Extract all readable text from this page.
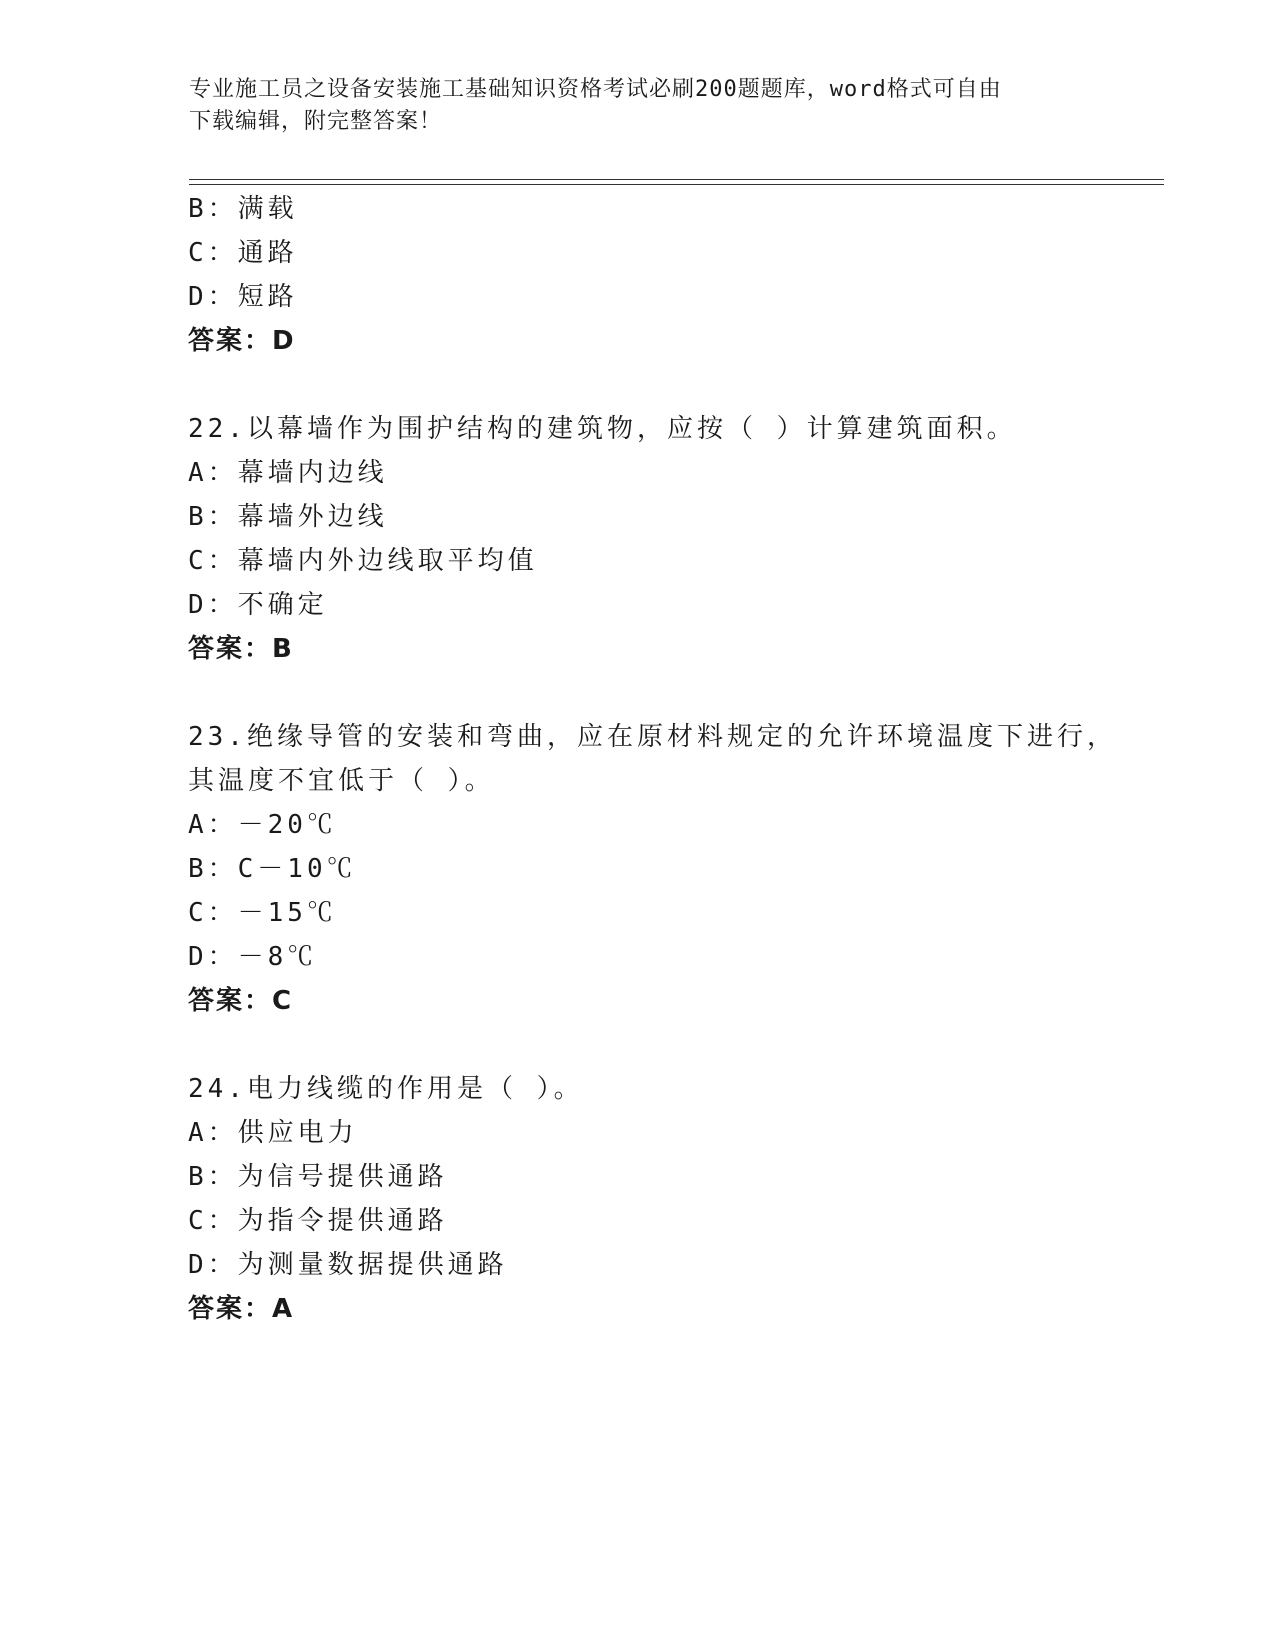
专业施工员之设备安装施工基础知识资格考试必刷200题题库，word格式可自由
下载编辑，附完整答案！
B：满载
C：通路
D：短路
答案：D
22.以幕墙作为围护结构的建筑物，应按（ ）计算建筑面积。
A：幕墙内边线
B：幕墙外边线
C：幕墙内外边线取平均值
D：不确定
答案：B
23.绝缘导管的安装和弯曲，应在原材料规定的允许环境温度下进行，
其温度不宜低于（ ）。
A：－20℃
B：C－10℃
C：－15℃
D：－8℃
答案：C
24.电力线缆的作用是（ ）。
A：供应电力
B：为信号提供通路
C：为指令提供通路
D：为测量数据提供通路
答案：A
